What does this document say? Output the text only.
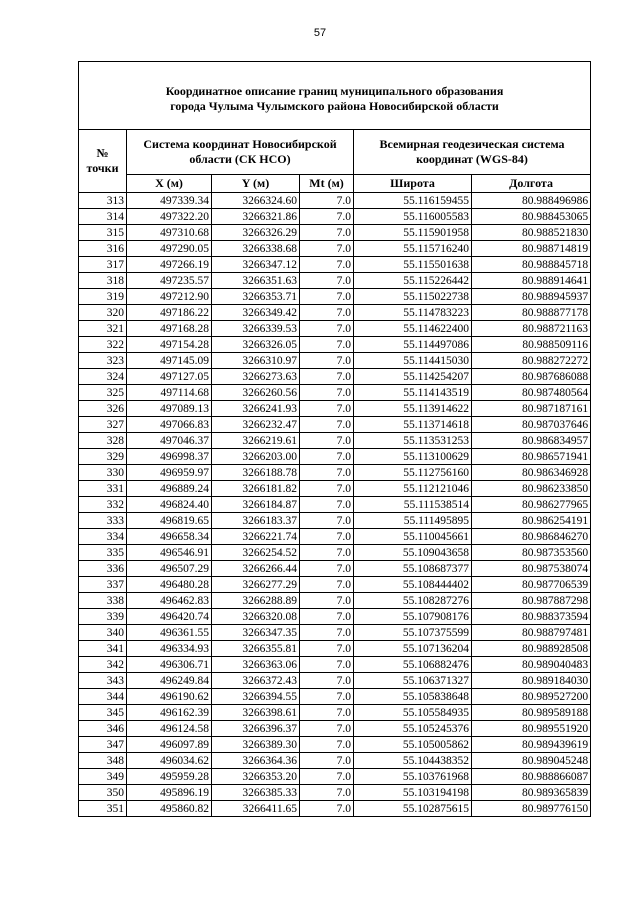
57
Координатное описание границ муниципального образования
города Чулыма Чулымского района Новосибирской области					

№ точки	Система координат Новосибирской области (СК НСО)			Всемирная геодезическая система координат (WGS-84)	
	X (м)	Y (м)	Mt (м)	Широта	Долгота
313	497339.34	3266324.60	7.0	55.116159455	80.988496986
314	497322.20	3266321.86	7.0	55.116005583	80.988453065
315	497310.68	3266326.29	7.0	55.115901958	80.988521830
316	497290.05	3266338.68	7.0	55.115716240	80.988714819
317	497266.19	3266347.12	7.0	55.115501638	80.988845718
318	497235.57	3266351.63	7.0	55.115226442	80.988914641
319	497212.90	3266353.71	7.0	55.115022738	80.988945937
320	497186.22	3266349.42	7.0	55.114783223	80.988877178
321	497168.28	3266339.53	7.0	55.114622400	80.988721163
322	497154.28	3266326.05	7.0	55.114497086	80.988509116
323	497145.09	3266310.97	7.0	55.114415030	80.988272272
324	497127.05	3266273.63	7.0	55.114254207	80.987686088
325	497114.68	3266260.56	7.0	55.114143519	80.987480564
326	497089.13	3266241.93	7.0	55.113914622	80.987187161
327	497066.83	3266232.47	7.0	55.113714618	80.987037646
328	497046.37	3266219.61	7.0	55.113531253	80.986834957
329	496998.37	3266203.00	7.0	55.113100629	80.986571941
330	496959.97	3266188.78	7.0	55.112756160	80.986346928
331	496889.24	3266181.82	7.0	55.112121046	80.986233850
332	496824.40	3266184.87	7.0	55.111538514	80.986277965
333	496819.65	3266183.37	7.0	55.111495895	80.986254191
334	496658.34	3266221.74	7.0	55.110045661	80.986846270
335	496546.91	3266254.52	7.0	55.109043658	80.987353560
336	496507.29	3266266.44	7.0	55.108687377	80.987538074
337	496480.28	3266277.29	7.0	55.108444402	80.987706539
338	496462.83	3266288.89	7.0	55.108287276	80.987887298
339	496420.74	3266320.08	7.0	55.107908176	80.988373594
340	496361.55	3266347.35	7.0	55.107375599	80.988797481
341	496334.93	3266355.81	7.0	55.107136204	80.988928508
342	496306.71	3266363.06	7.0	55.106882476	80.989040483
343	496249.84	3266372.43	7.0	55.106371327	80.989184030
344	496190.62	3266394.55	7.0	55.105838648	80.989527200
345	496162.39	3266398.61	7.0	55.105584935	80.989589188
346	496124.58	3266396.37	7.0	55.105245376	80.989551920
347	496097.89	3266389.30	7.0	55.105005862	80.989439619
348	496034.62	3266364.36	7.0	55.104438352	80.989045248
349	495959.28	3266353.20	7.0	55.103761968	80.988866087
350	495896.19	3266385.33	7.0	55.103194198	80.989365839
351	495860.82	3266411.65	7.0	55.102875615	80.989776150
